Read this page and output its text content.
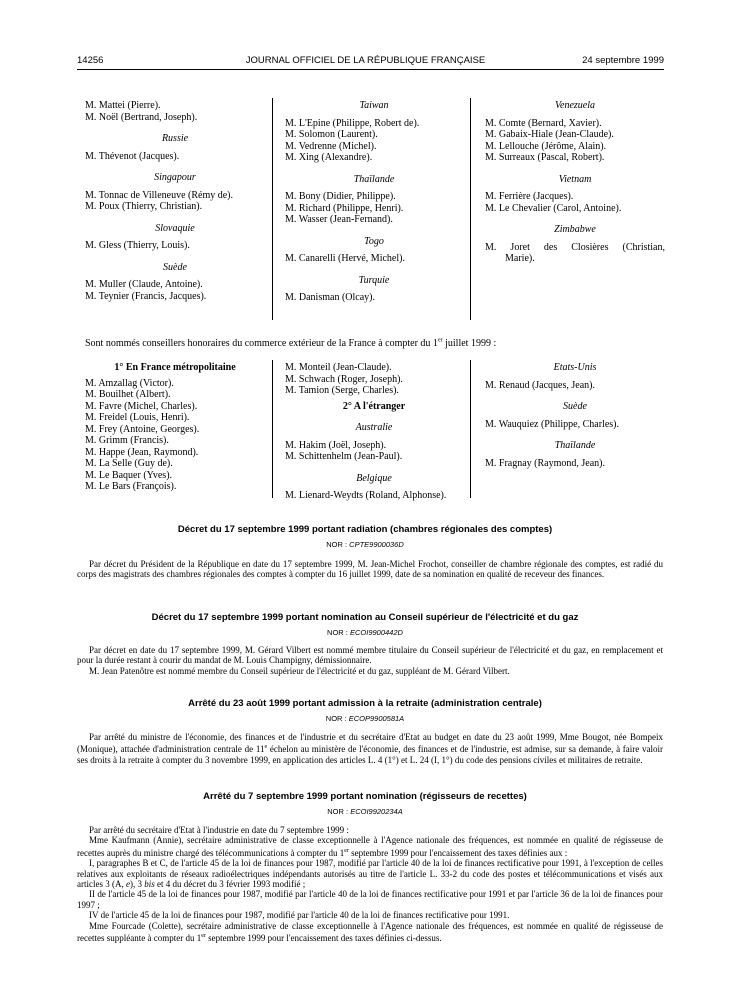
14256	JOURNAL OFFICIEL DE LA RÉPUBLIQUE FRANÇAISE	24 septembre 1999
M. Mattei (Pierre).
M. Noël (Bertrand, Joseph).
Russie
M. Thévenot (Jacques).
Singapour
M. Tonnac de Villeneuve (Rémy de).
M. Poux (Thierry, Christian).
Slovaquie
M. Gless (Thierry, Louis).
Suède
M. Muller (Claude, Antoine).
M. Teynier (Francis, Jacques).
Taiwan
M. L'Epine (Philippe, Robert de).
M. Solomon (Laurent).
M. Vedrenne (Michel).
M. Xing (Alexandre).
Thaïlande
M. Bony (Didier, Philippe).
M. Richard (Philippe, Henri).
M. Wasser (Jean-Fernand).
Togo
M. Canarelli (Hervé, Michel).
Turquie
M. Danisman (Olcay).
Venezuela
M. Comte (Bernard, Xavier).
M. Gabaix-Hiale (Jean-Claude).
M. Lellouche (Jérôme, Alain).
M. Surreaux (Pascal, Robert).
Vietnam
M. Ferrière (Jacques).
M. Le Chevalier (Carol, Antoine).
Zimbabwe
M. Joret des Closières (Christian,
Marie).
Sont nommés conseillers honoraires du commerce extérieur de la France à compter du 1er juillet 1999 :
1° En France métropolitaine
M. Amzallag (Victor).
M. Bouilhet (Albert).
M. Favre (Michel, Charles).
M. Freidel (Louis, Henri).
M. Frey (Antoine, Georges).
M. Grimm (Francis).
M. Happe (Jean, Raymond).
M. La Selle (Guy de).
M. Le Baquer (Yves).
M. Le Bars (François).
M. Monteil (Jean-Claude).
M. Schwach (Roger, Joseph).
M. Tamion (Serge, Charles).
2° A l'étranger
Australie
M. Hakim (Joël, Joseph).
M. Schittenhelm (Jean-Paul).
Belgique
M. Lienard-Weydts (Roland, Alphonse).
Etats-Unis
M. Renaud (Jacques, Jean).
Suède
M. Wauquiez (Philippe, Charles).
Thaïlande
M. Fragnay (Raymond, Jean).
Décret du 17 septembre 1999 portant radiation (chambres régionales des comptes)
NOR : CPTE9900036D

Par décret du Président de la République en date du 17 septembre 1999, M. Jean-Michel Frochot, conseiller de chambre régionale des comptes, est radié du corps des magistrats des chambres régionales des comptes à compter du 16 juillet 1999, date de sa nomination en qualité de receveur des finances.

Décret du 17 septembre 1999 portant nomination au Conseil supérieur de l'électricité et du gaz
NOR : ECOI9900442D

Par décret en date du 17 septembre 1999, M. Gérard Vilbert est nommé membre titulaire du Conseil supérieur de l'électricité et du gaz, en remplacement et pour la durée restant à courir du mandat de M. Louis Champigny, démissionnaire.

M. Jean Patenôtre est nommé membre du Conseil supérieur de l'électricité et du gaz, suppléant de M. Gérard Vilbert.

Arrêté du 23 août 1999 portant admission à la retraite (administration centrale)
NOR : ECOP9900581A

Par arrêté du ministre de l'économie, des finances et de l'industrie et du secrétaire d'Etat au budget en date du 23 août 1999, Mme Bougot, née Bompeix (Monique), attachée d'administration centrale de 11e échelon au ministère de l'économie, des finances et de l'industrie, est admise, sur sa demande, à faire valoir ses droits à la retraite à compter du 3 novembre 1999, en application des articles L. 4 (1°) et L. 24 (I, 1°) du code des pensions civiles et militaires de retraite.

Arrêté du 7 septembre 1999 portant nomination (régisseurs de recettes)
NOR : ECOI9920234A

Par arrêté du secrétaire d'Etat à l'industrie en date du 7 septembre 1999 :

Mme Kaufmann (Annie), secrétaire administrative de classe exceptionnelle à l'Agence nationale des fréquences, est nommée en qualité de régisseuse de recettes auprès du ministre chargé des télécommunications à compter du 1er septembre 1999 pour l'encaissement des taxes définies aux :

I, paragraphes B et C, de l'article 45 de la loi de finances pour 1987, modifié par l'article 40 de la loi de finances rectificative pour 1991, à l'exception de celles relatives aux exploitants de réseaux radioélectriques indépendants autorisés au titre de l'article L. 33-2 du code des postes et télécommunications et visés aux articles 3 (A, e), 3 bis et 4 du décret du 3 février 1993 modifié ;

II de l'article 45 de la loi de finances pour 1987, modifié par l'article 40 de la loi de finances rectificative pour 1991 et par l'article 36 de la loi de finances pour 1997 ;

IV de l'article 45 de la loi de finances pour 1987, modifié par l'article 40 de la loi de finances rectificative pour 1991.

Mme Fourcade (Colette), secrétaire administrative de classe exceptionnelle à l'Agence nationale des fréquences, est nommée en qualité de régisseuse de recettes suppléante à compter du 1er septembre 1999 pour l'encaissement des taxes définies ci-dessus.
